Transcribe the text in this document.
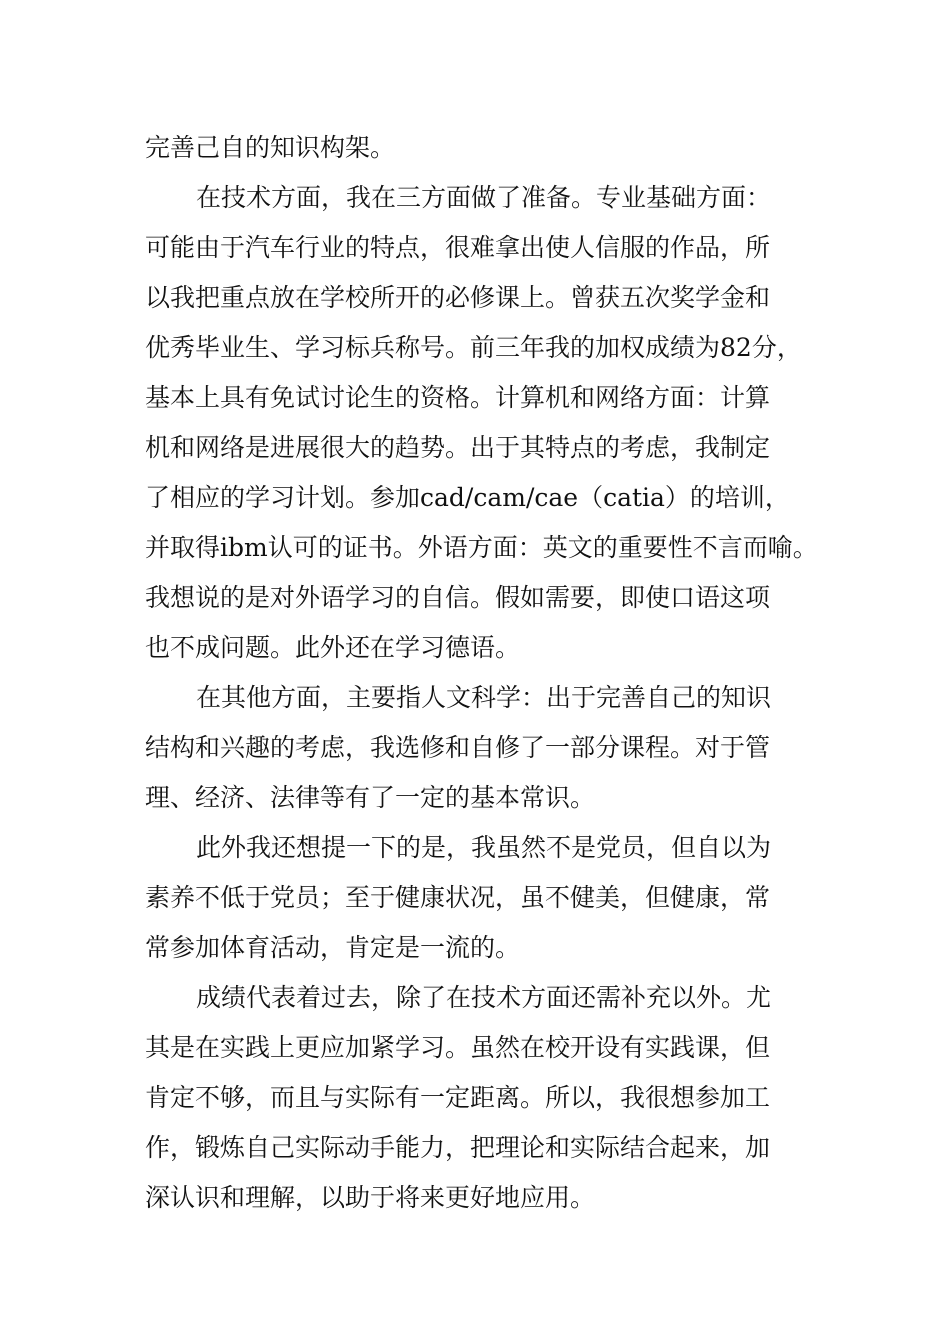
完善己自的知识构架。
在技术方面，我在三方面做了准备。专业基础方面：
可能由于汽车行业的特点，很难拿出使人信服的作品，所
以我把重点放在学校所开的必修课上。曾获五次奖学金和
优秀毕业生、学习标兵称号。前三年我的加权成绩为82分，
基本上具有免试讨论生的资格。计算机和网络方面：计算
机和网络是进展很大的趋势。出于其特点的考虑，我制定
了相应的学习计划。参加cad/cam/cae（catia）的培训，
并取得ibm认可的证书。外语方面：英文的重要性不言而喻。
我想说的是对外语学习的自信。假如需要，即使口语这项
也不成问题。此外还在学习德语。
在其他方面，主要指人文科学：出于完善自己的知识
结构和兴趣的考虑，我选修和自修了一部分课程。对于管
理、经济、法律等有了一定的基本常识。
此外我还想提一下的是，我虽然不是党员，但自以为
素养不低于党员；至于健康状况，虽不健美，但健康，常
常参加体育活动，肯定是一流的。
成绩代表着过去，除了在技术方面还需补充以外。尤
其是在实践上更应加紧学习。虽然在校开设有实践课，但
肯定不够，而且与实际有一定距离。所以，我很想参加工
作，锻炼自己实际动手能力，把理论和实际结合起来，加
深认识和理解，以助于将来更好地应用。
